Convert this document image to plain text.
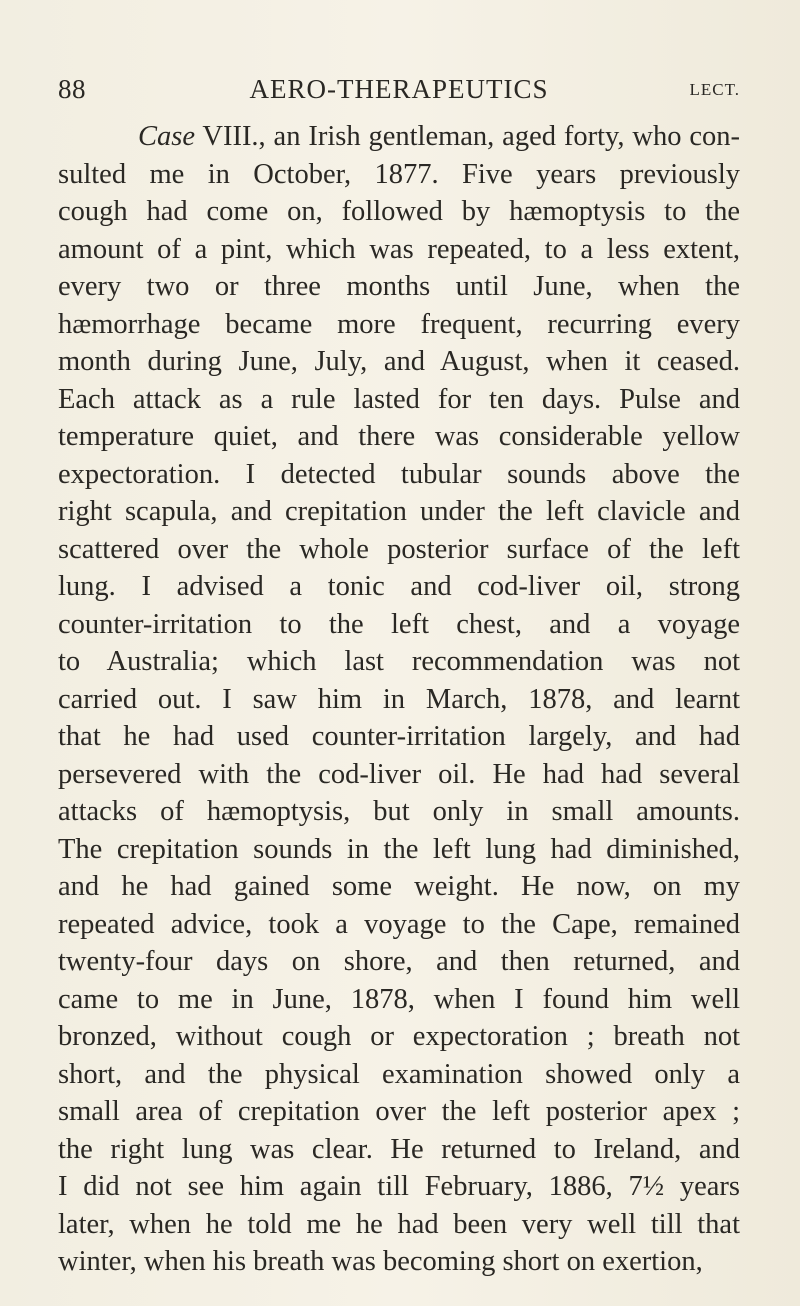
88	AERO-THERAPEUTICS	LECT.
Case VIII., an Irish gentleman, aged forty, who con-
sulted me in October, 1877. Five years previously
cough had come on, followed by hæmoptysis to the
amount of a pint, which was repeated, to a less extent,
every two or three months until June, when the
hæmorrhage became more frequent, recurring every
month during June, July, and August, when it ceased.
Each attack as a rule lasted for ten days. Pulse and
temperature quiet, and there was considerable yellow
expectoration. I detected tubular sounds above the
right scapula, and crepitation under the left clavicle and
scattered over the whole posterior surface of the left
lung. I advised a tonic and cod-liver oil, strong
counter-irritation to the left chest, and a voyage
to Australia; which last recommendation was not
carried out. I saw him in March, 1878, and learnt
that he had used counter-irritation largely, and had
persevered with the cod-liver oil. He had had several
attacks of hæmoptysis, but only in small amounts.
The crepitation sounds in the left lung had diminished,
and he had gained some weight. He now, on my
repeated advice, took a voyage to the Cape, remained
twenty-four days on shore, and then returned, and
came to me in June, 1878, when I found him well
bronzed, without cough or expectoration ; breath not
short, and the physical examination showed only a
small area of crepitation over the left posterior apex ;
the right lung was clear. He returned to Ireland, and
I did not see him again till February, 1886, 7½ years
later, when he told me he had been very well till that
winter, when his breath was becoming short on exertion,
